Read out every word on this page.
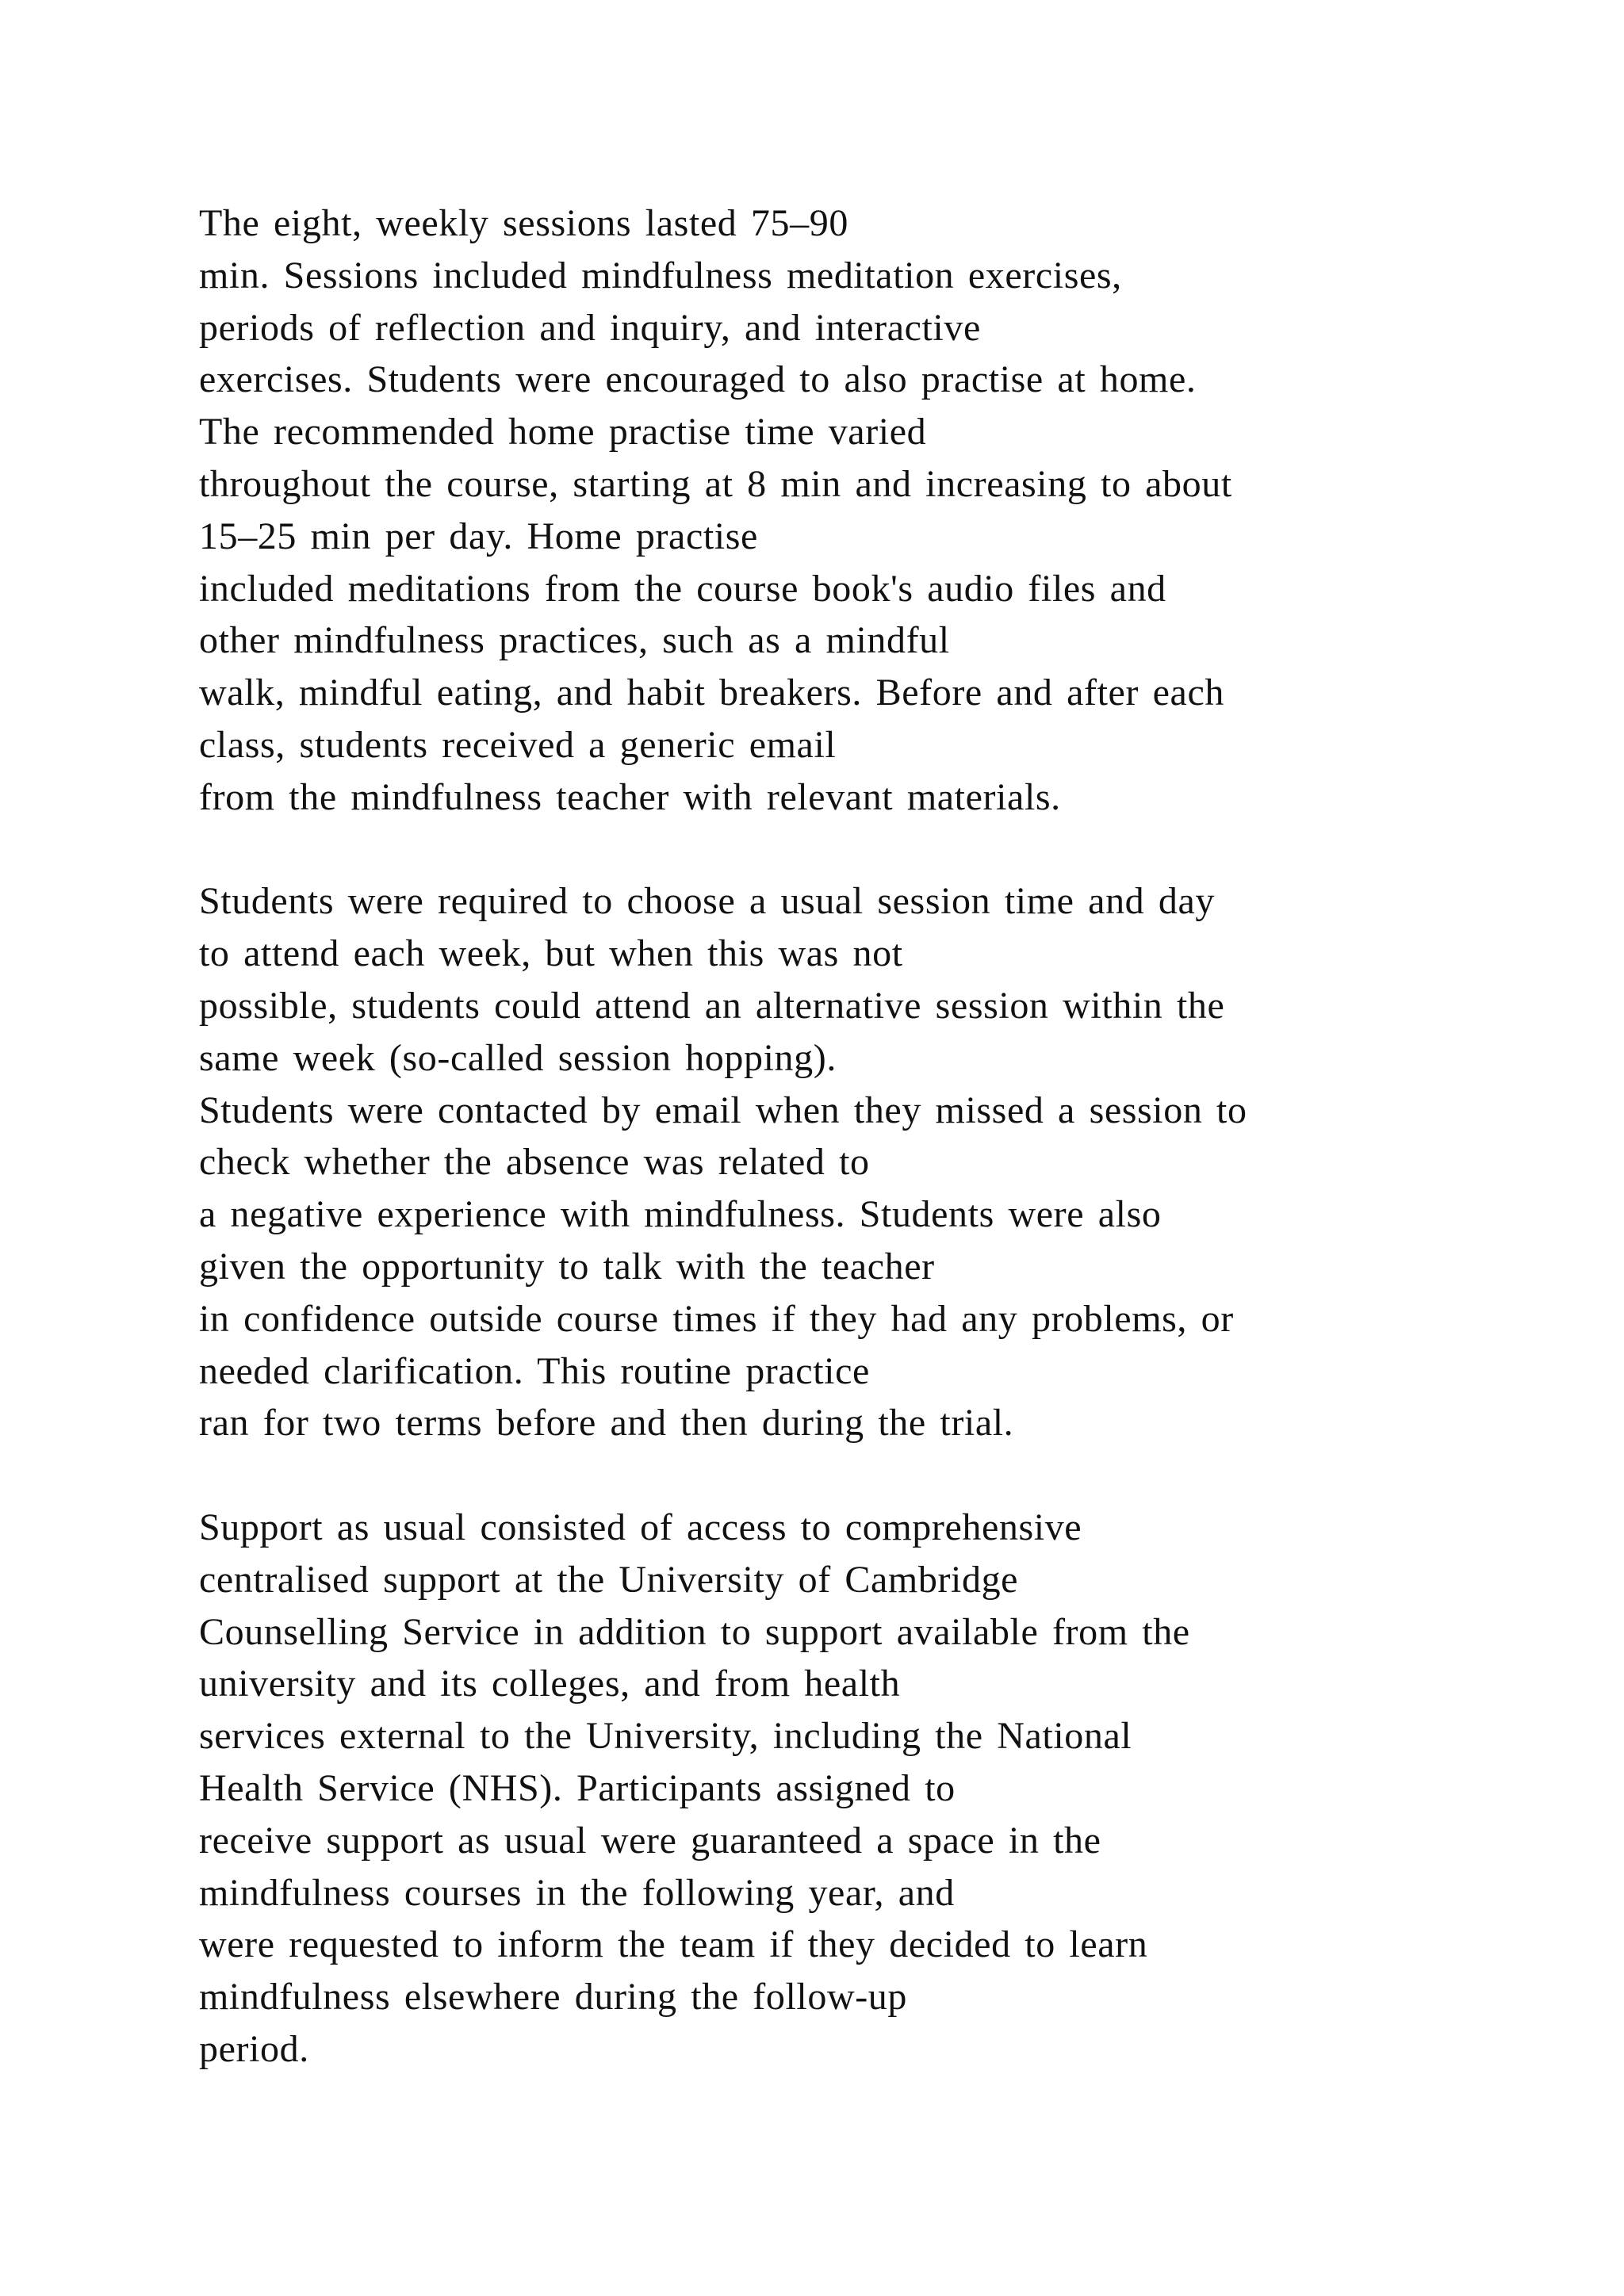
The eight, weekly sessions lasted 75–90
min. Sessions included mindfulness meditation exercises,
periods of reflection and inquiry, and interactive
exercises. Students were encouraged to also practise at home.
The recommended home practise time varied
throughout the course, starting at 8 min and increasing to about
15–25 min per day. Home practise
included meditations from the course book's audio files and
other mindfulness practices, such as a mindful
walk, mindful eating, and habit breakers. Before and after each
class, students received a generic email
from the mindfulness teacher with relevant materials.
Students were required to choose a usual session time and day
to attend each week, but when this was not
possible, students could attend an alternative session within the
same week (so-called session hopping).
Students were contacted by email when they missed a session to
check whether the absence was related to
a negative experience with mindfulness. Students were also
given the opportunity to talk with the teacher
in confidence outside course times if they had any problems, or
needed clarification. This routine practice
ran for two terms before and then during the trial.
Support as usual consisted of access to comprehensive
centralised support at the University of Cambridge
Counselling Service in addition to support available from the
university and its colleges, and from health
services external to the University, including the National
Health Service (NHS). Participants assigned to
receive support as usual were guaranteed a space in the
mindfulness courses in the following year, and
were requested to inform the team if they decided to learn
mindfulness elsewhere during the follow-up
period.
